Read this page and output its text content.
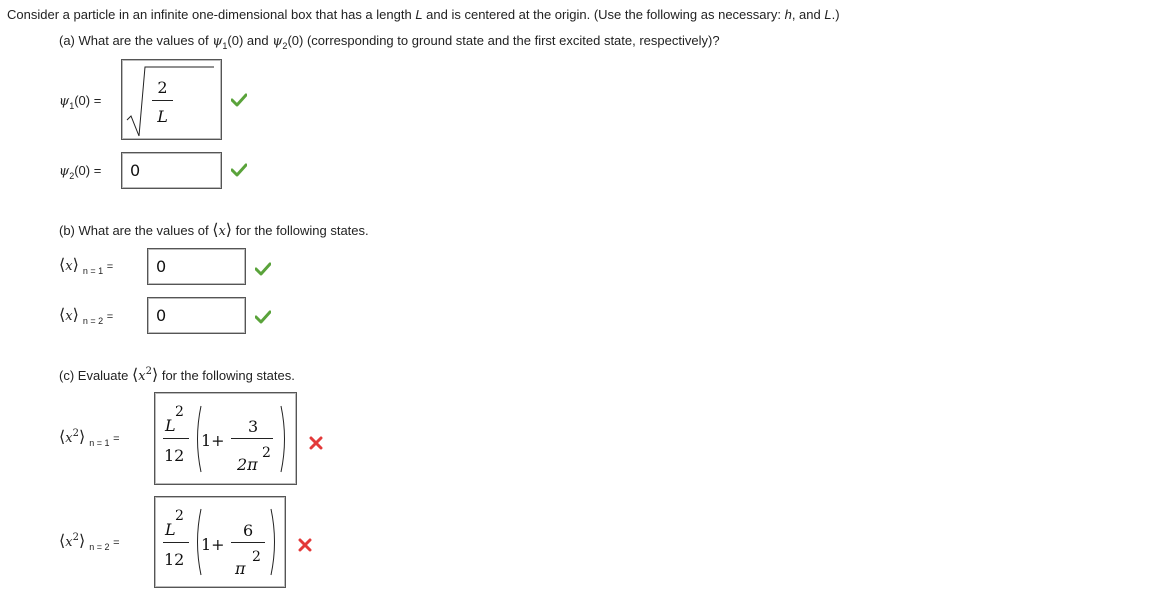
Consider a particle in an infinite one-dimensional box that has a length L and is centered at the origin. (Use the following as necessary: h, and L.)
(a) What are the values of $\psi_1(0)$ and $\psi_2(0)$ (corresponding to ground state and the first excited state, respectively)?
$\psi_1(0)$ =
2
L
$\psi_2(0) = 0$
(b) What are the values of ⟨x⟩ for the following states.
⟨x⟩ $_{n = 1}$ =	0
⟨x⟩ $_{n = 2}$ =	0
(c) Evaluate $⟨x^2⟩$ for the following states.
$⟨x^2⟩$ $_{n = 1}$ =
L
2
12
1+
3
2π
2
$⟨x^2⟩$ $_{n = 2}$ =
L
2
12
1+
6
π
2
